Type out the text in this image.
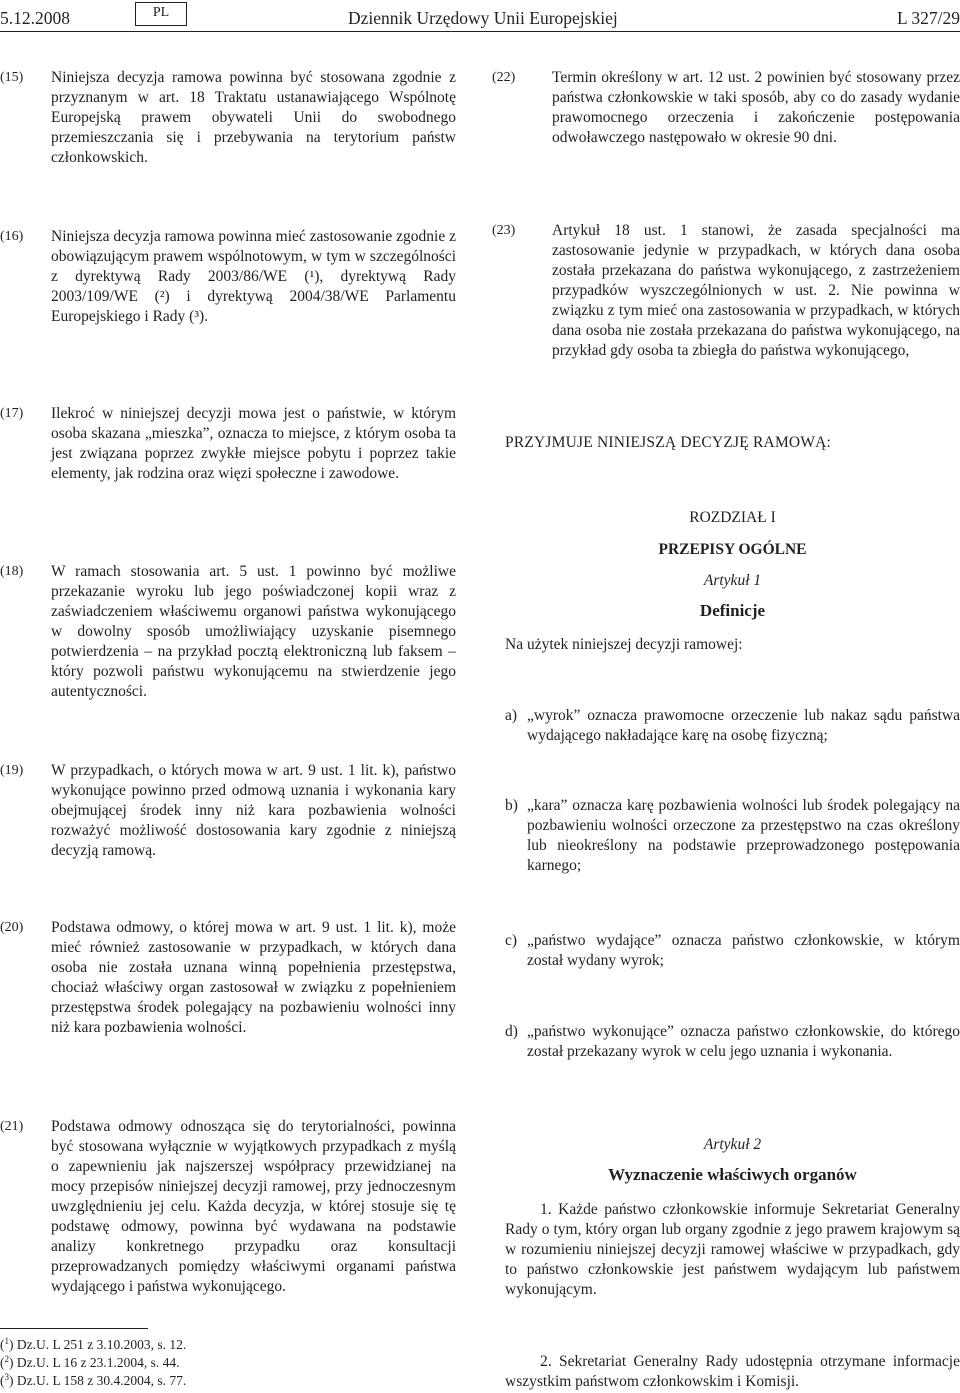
5.12.2008	PL	Dziennik Urzędowy Unii Europejskiej	L 327/29
(15)	Niniejsza decyzja ramowa powinna być stosowana zgodnie z przyznanym w art. 18 Traktatu ustanawiającego Wspólnotę Europejską prawem obywateli Unii do swobodnego przemieszczania się i przebywania na terytorium państw członkowskich.
(16)	Niniejsza decyzja ramowa powinna mieć zastosowanie zgodnie z obowiązującym prawem wspólnotowym, w tym w szczególności z dyrektywą Rady 2003/86/WE (¹), dyrektywą Rady 2003/109/WE (²) i dyrektywą 2004/38/WE Parlamentu Europejskiego i Rady (³).
(17)	Ilekroć w niniejszej decyzji mowa jest o państwie, w którym osoba skazana „mieszka”, oznacza to miejsce, z którym osoba ta jest związana poprzez zwykłe miejsce pobytu i poprzez takie elementy, jak rodzina oraz więzi społeczne i zawodowe.
(18)	W ramach stosowania art. 5 ust. 1 powinno być możliwe przekazanie wyroku lub jego poświadczonej kopii wraz z zaświadczeniem właściwemu organowi państwa wykonującego w dowolny sposób umożliwiający uzyskanie pisemnego potwierdzenia – na przykład pocztą elektroniczną lub faksem – który pozwoli państwu wykonującemu na stwierdzenie jego autentyczności.
(19)	W przypadkach, o których mowa w art. 9 ust. 1 lit. k), państwo wykonujące powinno przed odmową uznania i wykonania kary obejmującej środek inny niż kara pozbawienia wolności rozważyć możliwość dostosowania kary zgodnie z niniejszą decyzją ramową.
(20)	Podstawa odmowy, o której mowa w art. 9 ust. 1 lit. k), może mieć również zastosowanie w przypadkach, w których dana osoba nie została uznana winną popełnienia przestępstwa, chociaż właściwy organ zastosował w związku z popełnieniem przestępstwa środek polegający na pozbawieniu wolności inny niż kara pozbawienia wolności.
(21)	Podstawa odmowy odnosząca się do terytorialności, powinna być stosowana wyłącznie w wyjątkowych przypadkach z myślą o zapewnieniu jak najszerszej współpracy przewidzianej na mocy przepisów niniejszej decyzji ramowej, przy jednoczesnym uwzględnieniu jej celu. Każda decyzja, w której stosuje się tę podstawę odmowy, powinna być wydawana na podstawie analizy konkretnego przypadku oraz konsultacji przeprowadzanych pomiędzy właściwymi organami państwa wydającego i państwa wykonującego.
($^1$) Dz.U. L 251 z 3.10.2003, s. 12.
($^2$) Dz.U. L 16 z 23.1.2004, s. 44.
($^3$) Dz.U. L 158 z 30.4.2004, s. 77.
(22)	Termin określony w art. 12 ust. 2 powinien być stosowany przez państwa członkowskie w taki sposób, aby co do zasady wydanie prawomocnego orzeczenia i zakończenie postępowania odwoławczego następowało w okresie 90 dni.
(23)	Artykuł 18 ust. 1 stanowi, że zasada specjalności ma zastosowanie jedynie w przypadkach, w których dana osoba została przekazana do państwa wykonującego, z zastrzeżeniem przypadków wyszczególnionych w ust. 2. Nie powinna w związku z tym mieć ona zastosowania w przypadkach, w których dana osoba nie została przekazana do państwa wykonującego, na przykład gdy osoba ta zbiegła do państwa wykonującego,
PRZYJMUJE NINIEJSZĄ DECYZJĘ RAMOWĄ:
ROZDZIAŁ I
PRZEPISY OGÓLNE
Artykuł 1
Definicje
Na użytek niniejszej decyzji ramowej:
a) „wyrok” oznacza prawomocne orzeczenie lub nakaz sądu państwa wydającego nakładające karę na osobę fizyczną;
b) „kara” oznacza karę pozbawienia wolności lub środek polegający na pozbawieniu wolności orzeczone za przestępstwo na czas określony lub nieokreślony na podstawie przeprowadzonego postępowania karnego;
c) „państwo wydające” oznacza państwo członkowskie, w którym został wydany wyrok;
d) „państwo wykonujące” oznacza państwo członkowskie, do którego został przekazany wyrok w celu jego uznania i wykonania.
Artykuł 2
Wyznaczenie właściwych organów
1. Każde państwo członkowskie informuje Sekretariat Generalny Rady o tym, który organ lub organy zgodnie z jego prawem krajowym są w rozumieniu niniejszej decyzji ramowej właściwe w przypadkach, gdy to państwo członkowskie jest państwem wydającym lub państwem wykonującym.
2. Sekretariat Generalny Rady udostępnia otrzymane informacje wszystkim państwom członkowskim i Komisji.
